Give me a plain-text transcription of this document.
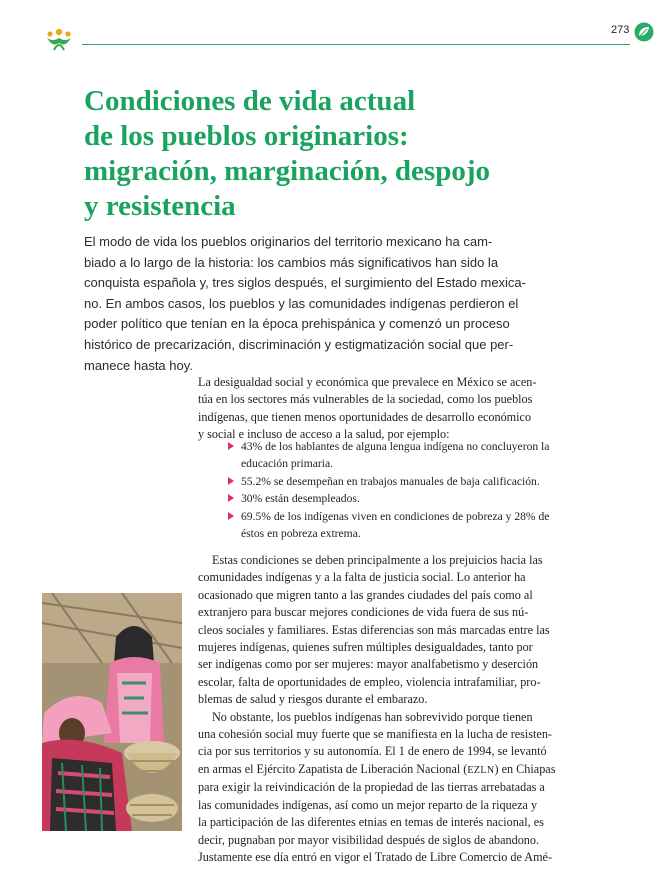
273
Condiciones de vida actual
de los pueblos originarios:
migración, marginación, despojo
y resistencia
El modo de vida los pueblos originarios del territorio mexicano ha cam-
biado a lo largo de la historia: los cambios más significativos han sido la
conquista española y, tres siglos después, el surgimiento del Estado mexica-
no. En ambos casos, los pueblos y las comunidades indígenas perdieron el
poder político que tenían en la época prehispánica y comenzó un proceso
histórico de precarización, discriminación y estigmatización social que per-
manece hasta hoy.
La desigualdad social y económica que prevalece en México se acen-
túa en los sectores más vulnerables de la sociedad, como los pueblos
indígenas, que tienen menos oportunidades de desarrollo económico
y social e incluso de acceso a la salud, por ejemplo:
43% de los hablantes de alguna lengua indígena no concluyeron la
educación primaria.
55.2% se desempeñan en trabajos manuales de baja calificación.
30% están desempleados.
69.5% de los indígenas viven en condiciones de pobreza y 28% de
éstos en pobreza extrema.
Estas condiciones se deben principalmente a los prejuicios hacia las
comunidades indígenas y a la falta de justicia social. Lo anterior ha
ocasionado que migren tanto a las grandes ciudades del país como al
extranjero para buscar mejores condiciones de vida fuera de sus nú-
cleos sociales y familiares. Estas diferencias son más marcadas entre las
mujeres indígenas, quienes sufren múltiples desigualdades, tanto por
ser indígenas como por ser mujeres: mayor analfabetismo y deserción
escolar, falta de oportunidades de empleo, violencia intrafamiliar, pro-
blemas de salud y riesgos durante el embarazo.
No obstante, los pueblos indígenas han sobrevivido porque tienen
una cohesión social muy fuerte que se manifiesta en la lucha de resisten-
cia por sus territorios y su autonomía. El 1 de enero de 1994, se levantó
en armas el Ejército Zapatista de Liberación Nacional (EZLN) en Chiapas
para exigir la reivindicación de la propiedad de las tierras arrebatadas a
las comunidades indígenas, así como un mejor reparto de la riqueza y
la participación de las diferentes etnias en temas de interés nacional, es
decir, pugnaban por mayor visibilidad después de siglos de abandono.
Justamente ese día entró en vigor el Tratado de Libre Comercio de Amé-
